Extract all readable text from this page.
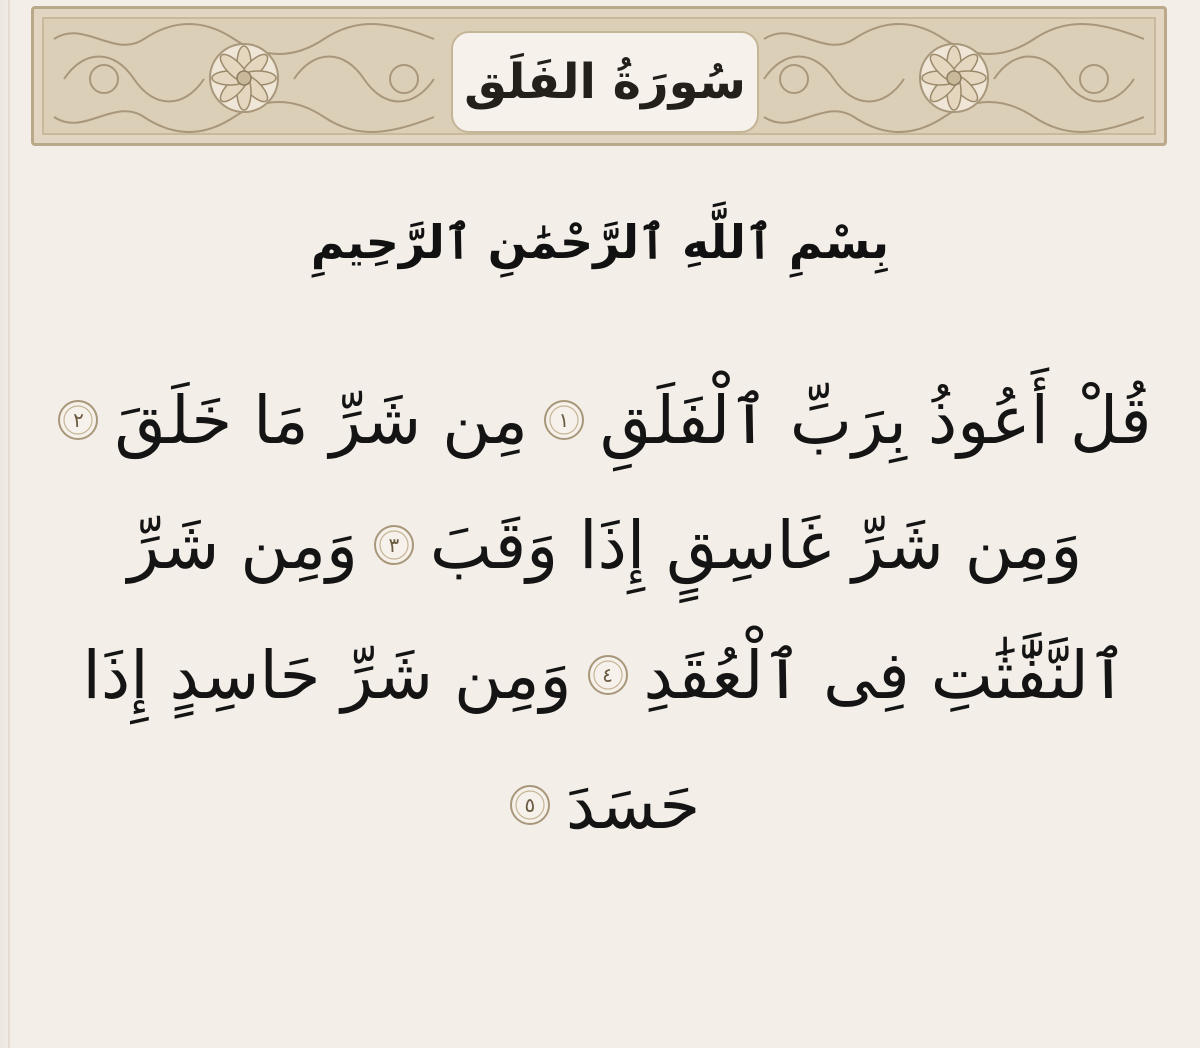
سُورَةُ الفَلَق
بِسْمِ ٱللَّهِ ٱلرَّحْمَٰنِ ٱلرَّحِيمِ
قُلْ أَعُوذُ بِرَبِّ ٱلْفَلَقِ
١
مِن شَرِّ مَا خَلَقَ
٢
وَمِن شَرِّ غَاسِقٍ إِذَا وَقَبَ
٣
وَمِن شَرِّ
ٱلنَّفَّٰثَٰتِ فِى ٱلْعُقَدِ
٤
وَمِن شَرِّ حَاسِدٍ إِذَا
حَسَدَ
٥
